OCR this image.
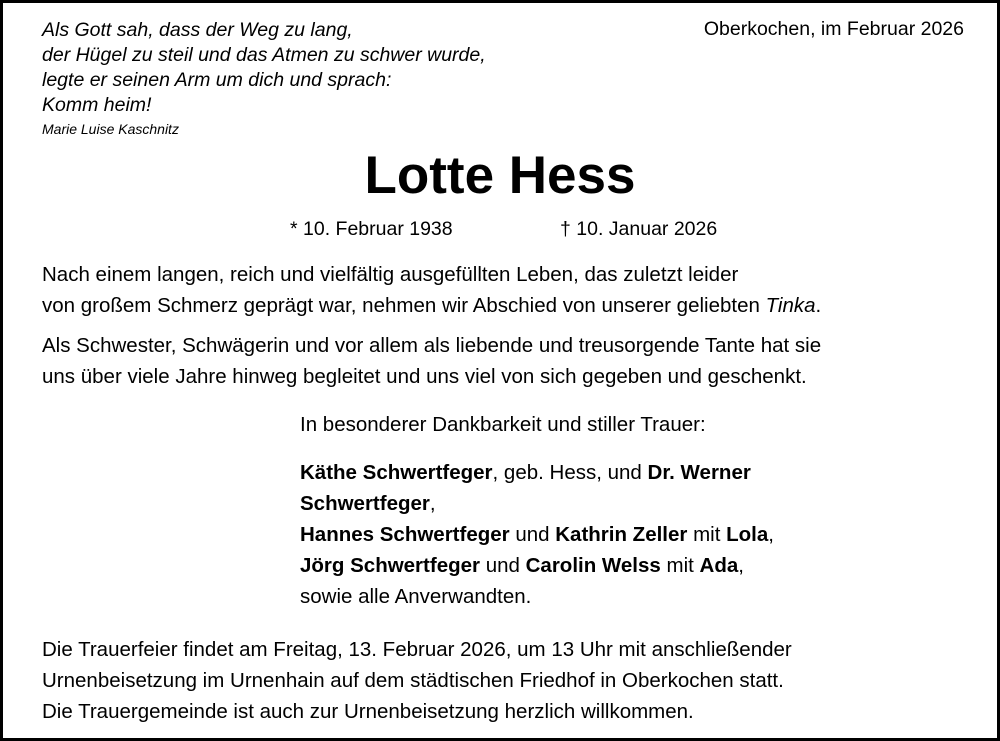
Als Gott sah, dass der Weg zu lang,
der Hügel zu steil und das Atmen zu schwer wurde,
legte er seinen Arm um dich und sprach:
Komm heim!
Marie Luise Kaschnitz
Oberkochen, im Februar 2026
Lotte Hess
* 10. Februar 1938	† 10. Januar 2026
Nach einem langen, reich und vielfältig ausgefüllten Leben, das zuletzt leider
von großem Schmerz geprägt war, nehmen wir Abschied von unserer geliebten Tinka.
Als Schwester, Schwägerin und vor allem als liebende und treusorgende Tante hat sie
uns über viele Jahre hinweg begleitet und uns viel von sich gegeben und geschenkt.
In besonderer Dankbarkeit und stiller Trauer:
Käthe Schwertfeger, geb. Hess, und Dr. Werner
Schwertfeger,
Hannes Schwertfeger und Kathrin Zeller mit Lola,
Jörg Schwertfeger und Carolin Welss mit Ada,
sowie alle Anverwandten.
Die Trauerfeier findet am Freitag, 13. Februar 2026, um 13 Uhr mit anschließender
Urnenbeisetzung im Urnenhain auf dem städtischen Friedhof in Oberkochen statt.
Die Trauergemeinde ist auch zur Urnenbeisetzung herzlich willkommen.
